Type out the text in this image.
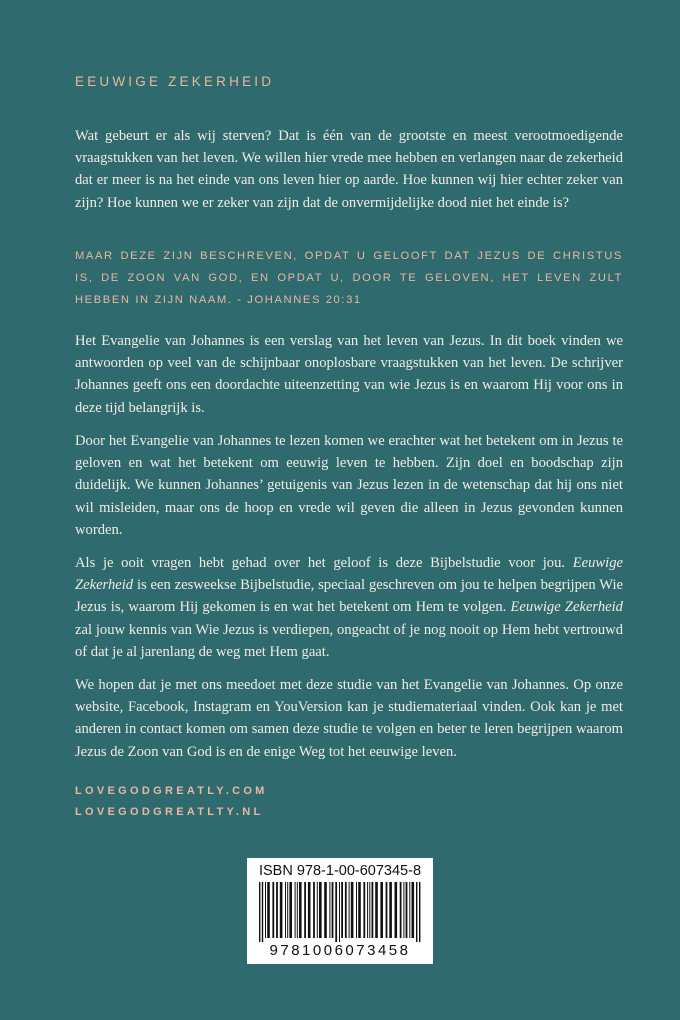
EEUWIGE ZEKERHEID

Wat gebeurt er als wij sterven? Dat is één van de grootste en meest verootmoedigende vraagstukken van het leven. We willen hier vrede mee hebben en verlangen naar de zekerheid dat er meer is na het einde van ons leven hier op aarde. Hoe kunnen wij hier echter zeker van zijn? Hoe kunnen we er zeker van zijn dat de onvermijdelijke dood niet het einde is?

MAAR DEZE ZIJN BESCHREVEN, OPDAT U GELOOFT DAT JEZUS DE CHRISTUS IS, DE ZOON VAN GOD, EN OPDAT U, DOOR TE GELOVEN, HET LEVEN ZULT HEBBEN IN ZIJN NAAM. - JOHANNES 20:31

Het Evangelie van Johannes is een verslag van het leven van Jezus. In dit boek vinden we antwoorden op veel van de schijnbaar onoplosbare vraagstukken van het leven. De schrijver Johannes geeft ons een doordachte uiteenzetting van wie Jezus is en waarom Hij voor ons in deze tijd belangrijk is.

Door het Evangelie van Johannes te lezen komen we erachter wat het betekent om in Jezus te geloven en wat het betekent om eeuwig leven te hebben. Zijn doel en boodschap zijn duidelijk. We kunnen Johannes’ getuigenis van Jezus lezen in de wetenschap dat hij ons niet wil misleiden, maar ons de hoop en vrede wil geven die alleen in Jezus gevonden kunnen worden.

Als je ooit vragen hebt gehad over het geloof is deze Bijbelstudie voor jou. Eeuwige Zekerheid is een zesweekse Bijbelstudie, speciaal geschreven om jou te helpen begrijpen Wie Jezus is, waarom Hij gekomen is en wat het betekent om Hem te volgen. Eeuwige Zekerheid zal jouw kennis van Wie Jezus is verdiepen, ongeacht of je nog nooit op Hem hebt vertrouwd of dat je al jarenlang de weg met Hem gaat.

We hopen dat je met ons meedoet met deze studie van het Evangelie van Johannes. Op onze website, Facebook, Instagram en YouVersion kan je studiemateriaal vinden. Ook kan je met anderen in contact komen om samen deze studie te volgen en beter te leren begrijpen waarom Jezus de Zoon van God is en de enige Weg tot het eeuwige leven.

LOVEGODGREATLY.COM
LOVEGODGREATLTY.NL
ISBN 978-1-00-607345-8
9781006073458
